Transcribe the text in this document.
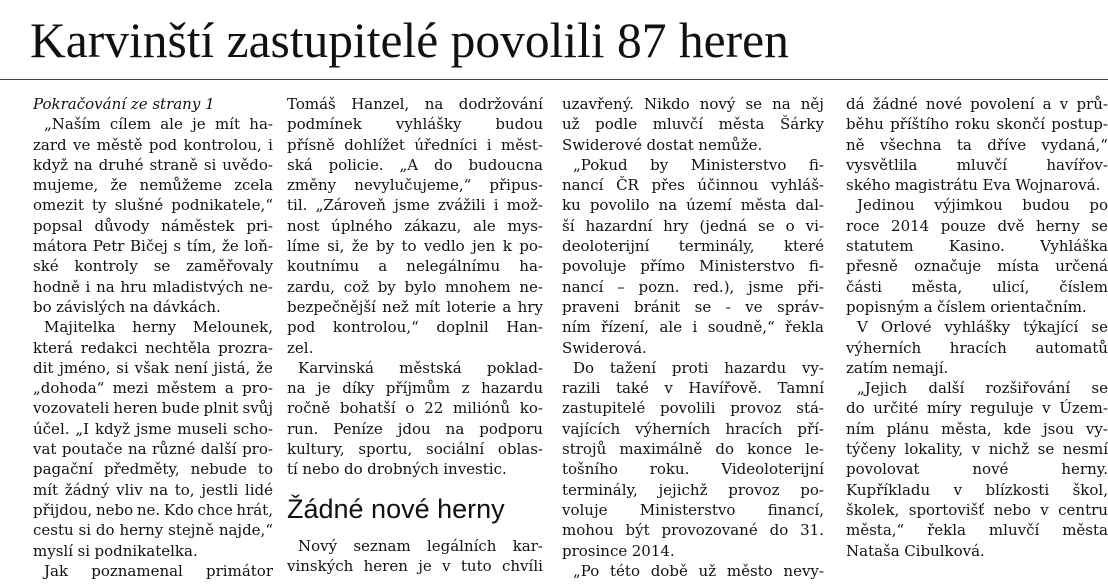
Karvinští zastupitelé povolili 87 heren
Pokračování ze strany 1
„Naším cílem ale je mít ha-
zard ve městě pod kontrolou, i
když na druhé straně si uvědo-
mujeme, že nemůžeme zcela
omezit ty slušné podnikatele,“
popsal důvody náměstek pri-
mátora Petr Bičej s tím, že loň-
ské kontroly se zaměřovaly
hodně i na hru mladistvých ne-
bo závislých na dávkách.
Majitelka herny Melounek,
která redakci nechtěla prozra-
dit jméno, si však není jistá, že
„dohoda“ mezi městem a pro-
vozovateli heren bude plnit svůj
účel. „I když jsme museli scho-
vat poutače na různé další pro-
pagační předměty, nebude to
mít žádný vliv na to, jestli lidé
přijdou, nebo ne. Kdo chce hrát,
cestu si do herny stejně najde,“
myslí si podnikatelka.
Jak poznamenal primátor
Tomáš Hanzel, na dodržování
podmínek vyhlášky budou
přísně dohlížet úředníci i měst-
ská policie. „A do budoucna
změny nevylučujeme,“ připus-
til. „Zároveň jsme zvážili i mož-
nost úplného zákazu, ale mys-
líme si, že by to vedlo jen k po-
koutnímu a nelegálnímu ha-
zardu, což by bylo mnohem ne-
bezpečnější než mít loterie a hry
pod kontrolou,“ doplnil Han-
zel.
Karvinská městská poklad-
na je díky příjmům z hazardu
ročně bohatší o 22 miliónů ko-
run. Peníze jdou na podporu
kultury, sportu, sociální oblas-
tí nebo do drobných investic.
Žádné nové herny
Nový seznam legálních kar-
vinských heren je v tuto chvíli
uzavřený. Nikdo nový se na něj
už podle mluvčí města Šárky
Swiderové dostat nemůže.
„Pokud by Ministerstvo fi-
nancí ČR přes účinnou vyhláš-
ku povolilo na území města dal-
ší hazardní hry (jedná se o vi-
deoloterijní terminály, které
povoluje přímo Ministerstvo fi-
nancí – pozn. red.), jsme při-
praveni bránit se - ve správ-
ním řízení, ale i soudně,“ řekla
Swiderová.
Do tažení proti hazardu vy-
razili také v Havířově. Tamní
zastupitelé povolili provoz stá-
vajících výherních hracích pří-
strojů maximálně do konce le-
tošního roku. Videoloterijní
terminály, jejichž provoz po-
voluje Ministerstvo financí,
mohou být provozované do 31.
prosince 2014.
„Po této době už město nevy-
dá žádné nové povolení a v prů-
běhu příštího roku skončí postup-
ně všechna ta dříve vydaná,“
vysvětlila	mluvčí	havířov-
ského magistrátu Eva Wojnarová.
Jedinou výjimkou budou po
roce 2014 pouze dvě herny se
statutem Kasino. Vyhláška
přesně označuje místa určená
části města, ulicí, číslem
popisným a číslem orientačním.
V Orlové vyhlášky týkající se
výherních hracích automatů
zatím nemají.
„Jejich další rozšiřování se
do určité míry reguluje v Územ-
ním plánu města, kde jsou vy-
týčeny lokality, v nichž se nesmí
povolovat	nové	herny.
Kupříkladu v blízkosti škol,
školek, sportovišť nebo v centru
města,“ řekla mluvčí města
Nataša Cibulková.
